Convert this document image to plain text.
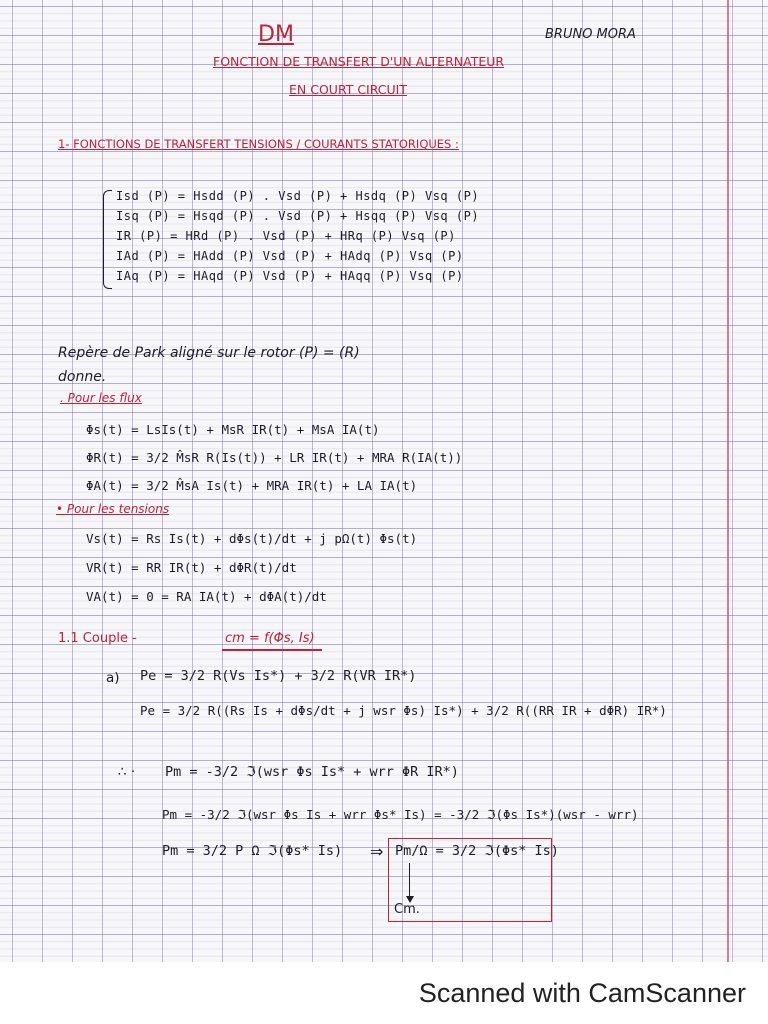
DM	BRUNO MORA
FONCTION DE TRANSFERT D'UN ALTERNATEUR
EN COURT CIRCUIT
1- FONCTIONS DE TRANSFERT TENSIONS / COURANTS STATORIQUES :
Isd (P) = Hsdd (P) . Vsd (P) + Hsdq (P) Vsq (P)
Isq (P) = Hsqd (P) . Vsd (P) + Hsqq (P) Vsq (P)
IR (P) = HRd (P) . Vsd (P) + HRq (P) Vsq (P)
IAd (P) = HAdd (P) Vsd (P) + HAdq (P) Vsq (P)
IAq (P) = HAqd (P) Vsd (P) + HAqq (P) Vsq (P)
Repère de Park aligné sur le rotor (P) = (R)
donne.
. Pour les flux
Φs(t) = LsIs(t) + MsR IR(t) + MsA IA(t)
ΦR(t) = 3/2 M̂sR R(Is(t)) + LR IR(t) + MRA R(IA(t))
ΦA(t) = 3/2 M̂sA Is(t) + MRA IR(t) + LA IA(t)
• Pour les tensions
Vs(t) = Rs Is(t) + dΦs(t)/dt + j pΩ(t) Φs(t)
VR(t) = RR IR(t) + dΦR(t)/dt
VA(t) = 0 = RA IA(t) + dΦA(t)/dt
1.1 Couple -	cm = f(Φs, Is)
a) Pe = 3/2 R(Vs Is*) + 3/2 R(VR IR*)
Pe = 3/2 R((Rs Is + dΦs/dt + j wsr Φs) Is*) + 3/2 R((RR IR + dΦR) IR*)
∴ · Pm = -3/2 ℑ(wsr Φs Is* + wrr ΦR IR*)
Pm = -3/2 ℑ(wsr Φs Is + wrr Φs* Is) = -3/2 ℑ(Φs Is*)(wsr - wrr)
Pm = 3/2 P Ω ℑ(Φs* Is) ⇒ Pm/Ω = 3/2 ℑ(Φs* Is)
Cm.
Scanned with CamScanner
